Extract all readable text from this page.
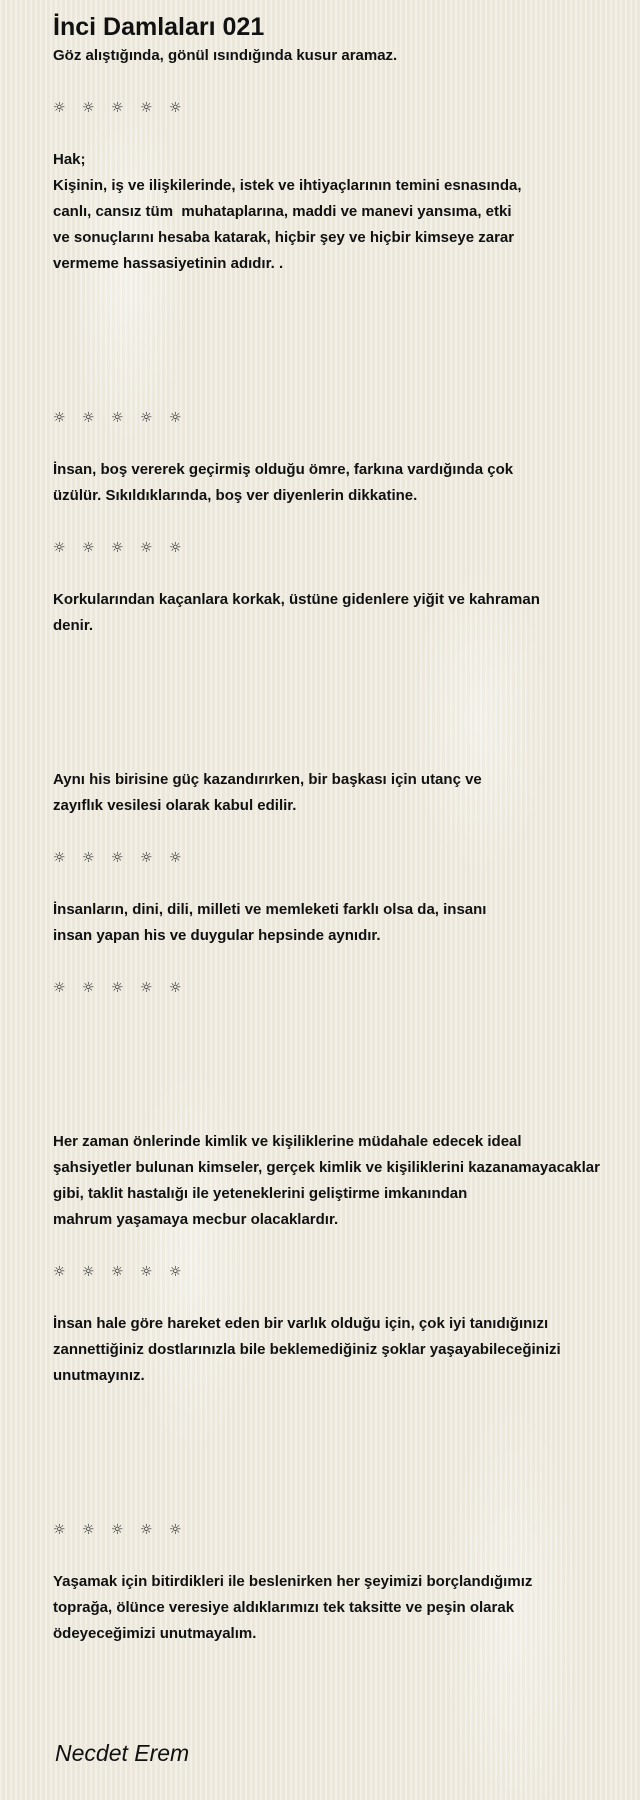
İnci Damlaları 021
Göz alıştığında, gönül ısındığında kusur aramaz.
☼ ☼ ☼ ☼ ☼
Hak;
Kişinin, iş ve ilişkilerinde, istek ve ihtiyaçlarının temini esnasında,
canlı, cansız tüm  muhataplarına, maddi ve manevi yansıma, etki
ve sonuçlarını hesaba katarak, hiçbir şey ve hiçbir kimseye zarar
vermeme hassasiyetinin adıdır. .
☼ ☼ ☼ ☼ ☼
İnsan, boş vererek geçirmiş olduğu ömre, farkına vardığında çok
üzülür. Sıkıldıklarında, boş ver diyenlerin dikkatine.
☼ ☼ ☼ ☼ ☼
Korkularından kaçanlara korkak, üstüne gidenlere yiğit ve kahraman
denir.
Aynı his birisine güç kazandırırken, bir başkası için utanç ve
zayıflık vesilesi olarak kabul edilir.
☼ ☼ ☼ ☼ ☼
İnsanların, dini, dili, milleti ve memleketi farklı olsa da, insanı
insan yapan his ve duygular hepsinde aynıdır.
☼ ☼ ☼ ☼ ☼
Her zaman önlerinde kimlik ve kişiliklerine müdahale edecek ideal
şahsiyetler bulunan kimseler, gerçek kimlik ve kişiliklerini kazanamayacaklar
gibi, taklit hastalığı ile yeteneklerini geliştirme imkanından
mahrum yaşamaya mecbur olacaklardır.
☼ ☼ ☼ ☼ ☼
İnsan hale göre hareket eden bir varlık olduğu için, çok iyi tanıdığınızı
zannettiğiniz dostlarınızla bile beklemediğiniz şoklar yaşayabileceğinizi
unutmayınız.
☼ ☼ ☼ ☼ ☼
Yaşamak için bitirdikleri ile beslenirken her şeyimizi borçlandığımız
toprağa, ölünce veresiye aldıklarımızı tek taksitte ve peşin olarak
ödeyeceğimizi unutmayalım.
Necdet Erem
